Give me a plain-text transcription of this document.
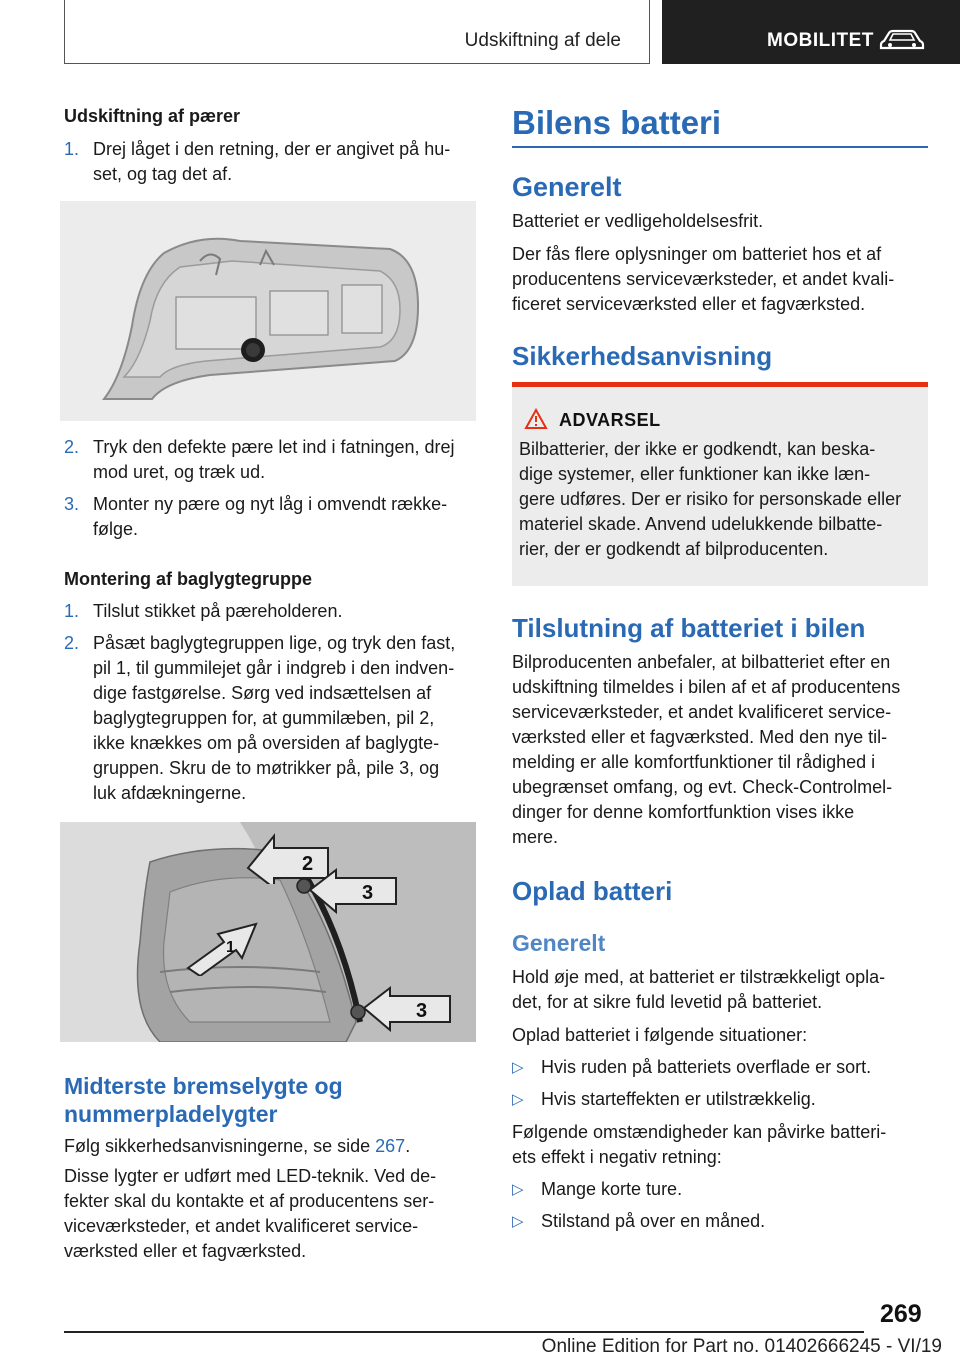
Udskiftning af dele	MOBILITET
Udskiftning af pærer
1. Drej låget i den retning, der er angivet på hu-
set, og tag det af.
2. Tryk den defekte pære let ind i fatningen, drej
mod uret, og træk ud.
3. Monter ny pære og nyt låg i omvendt række-
følge.
Montering af baglygtegruppe
1. Tilslut stikket på pæreholderen.
2. Påsæt baglygtegruppen lige, og tryk den fast,
pil 1, til gummilejet går i indgreb i den indven-
dige fastgørelse. Sørg ved indsættelsen af
baglygtegruppen for, at gummilæben, pil 2,
ikke knækkes om på oversiden af baglygte-
gruppen. Skru de to møtrikker på, pile 3, og
luk afdækningerne.
1
2
3
3
Midterste bremselygte og
nummerpladelygter
Følg sikkerhedsanvisningerne, se side 267.
Disse lygter er udført med LED-teknik. Ved de-
fekter skal du kontakte et af producentens ser-
viceværksteder, et andet kvalificeret service-
værksted eller et fagværksted.
Bilens batteri
Generelt
Batteriet er vedligeholdelsesfrit.
Der fås flere oplysninger om batteriet hos et af
producentens serviceværksteder, et andet kvali-
ficeret serviceværksted eller et fagværksted.
Sikkerhedsanvisning
ADVARSEL
Bilbatterier, der ikke er godkendt, kan beska-
dige systemer, eller funktioner kan ikke læn-
gere udføres. Der er risiko for personskade eller
materiel skade. Anvend udelukkende bilbatte-
rier, der er godkendt af bilproducenten.
Tilslutning af batteriet i bilen
Bilproducenten anbefaler, at bilbatteriet efter en
udskiftning tilmeldes i bilen af et af producentens
serviceværksteder, et andet kvalificeret service-
værksted eller et fagværksted. Med den nye til-
melding er alle komfortfunktioner til rådighed i
ubegrænset omfang, og evt. Check-Controlmel-
dinger for denne komfortfunktion vises ikke
mere.
Oplad batteri
Generelt
Hold øje med, at batteriet er tilstrækkeligt opla-
det, for at sikre fuld levetid på batteriet.
Oplad batteriet i følgende situationer:
▷ Hvis ruden på batteriets overflade er sort.
▷ Hvis starteffekten er utilstrækkelig.
Følgende omstændigheder kan påvirke batteri-
ets effekt i negativ retning:
▷ Mange korte ture.
▷ Stilstand på over en måned.
269
Online Edition for Part no. 01402666245 - VI/19
